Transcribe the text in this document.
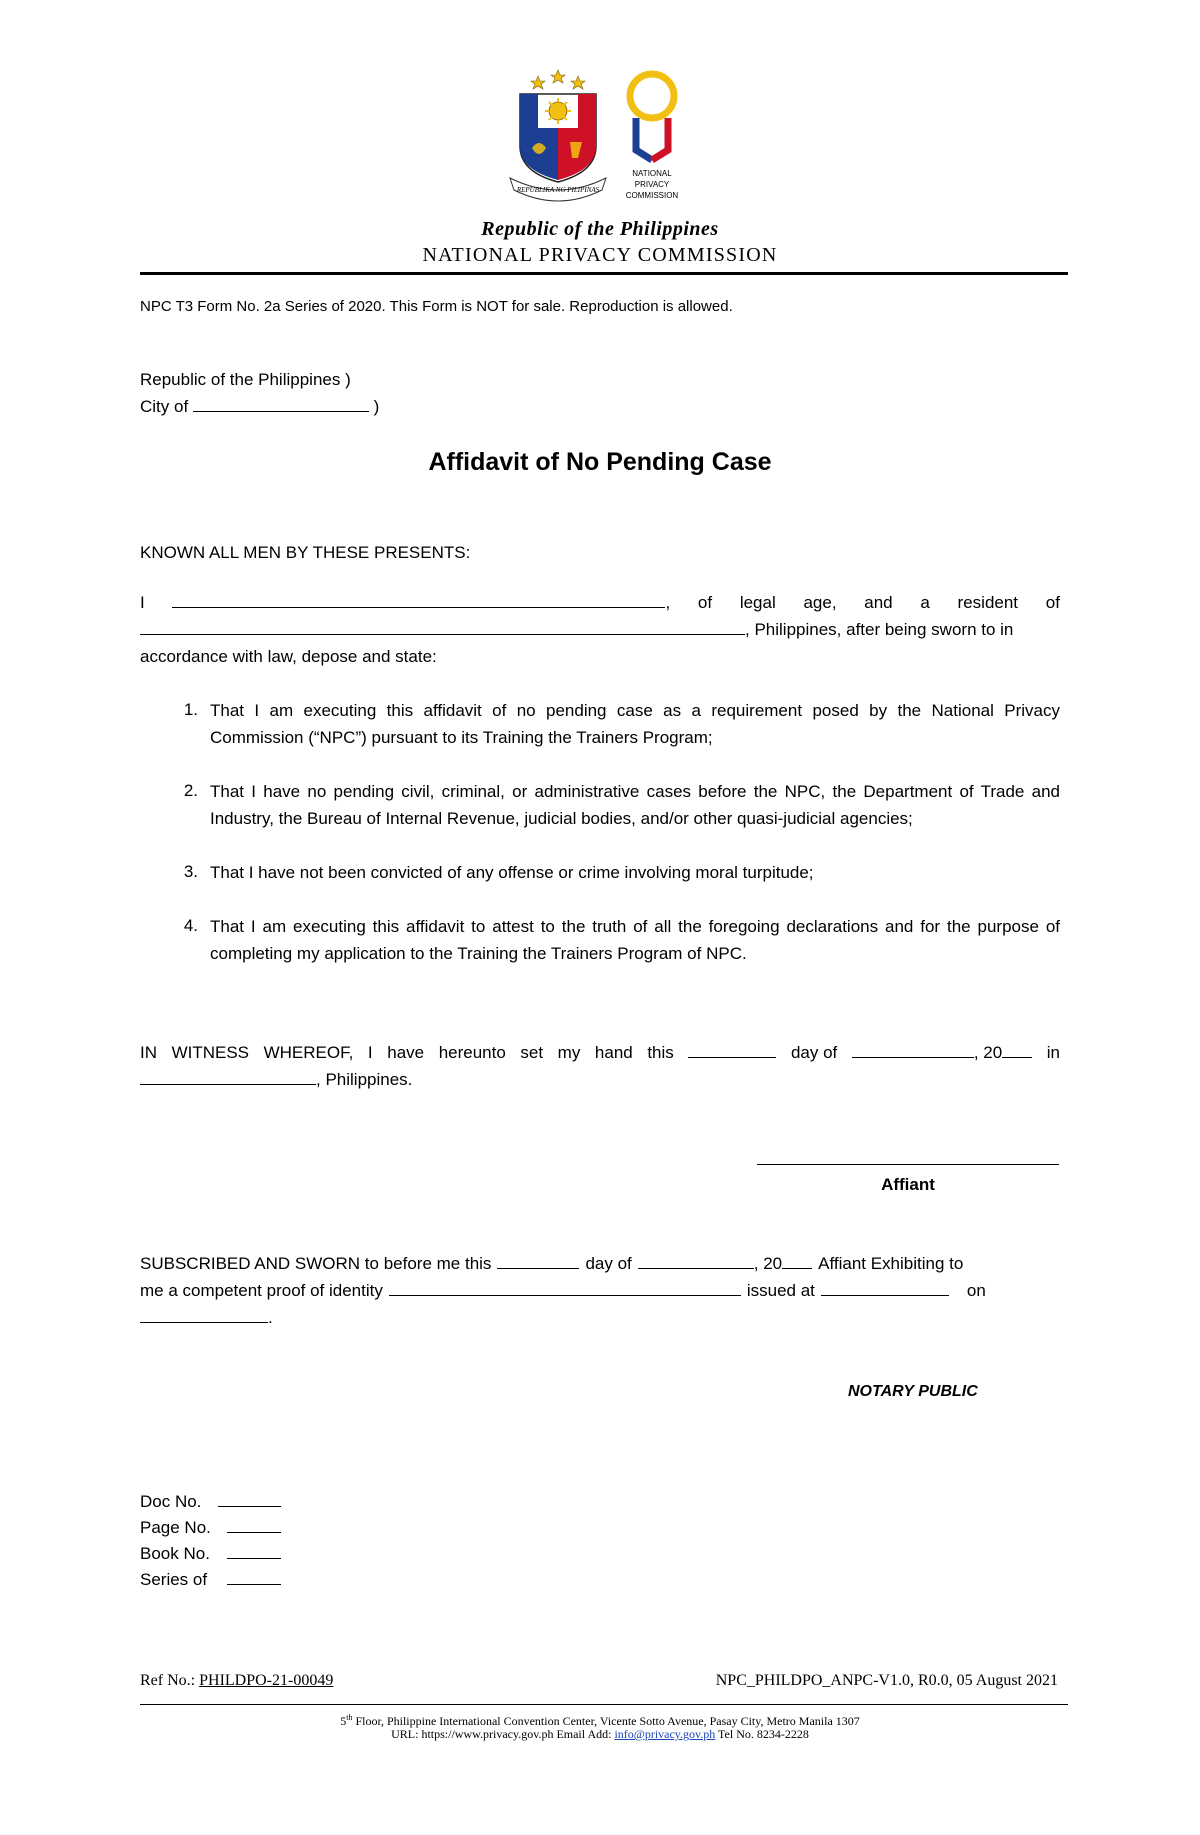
REPUBLIKA NG PILIPINAS
NATIONAL
PRIVACY
COMMISSION
Republic of the Philippines
NATIONAL PRIVACY COMMISSION
NPC T3 Form No. 2a Series of 2020. This Form is NOT for sale. Reproduction is allowed.
Republic of the Philippines )
City of	)
Affidavit of No Pending Case
KNOWN ALL MEN BY THESE PRESENTS:
I	, of legal age, and a resident of
, Philippines, after being sworn to in
accordance with law, depose and state:
1. That I am executing this affidavit of no pending case as a requirement posed by the National Privacy Commission (“NPC”) pursuant to its Training the Trainers Program;
2. That I have no pending civil, criminal, or administrative cases before the NPC, the Department of Trade and Industry, the Bureau of Internal Revenue, judicial bodies, and/or other quasi-judicial agencies;
3. That I have not been convicted of any offense or crime involving moral turpitude;
4. That I am executing this affidavit to attest to the truth of all the foregoing declarations and for the purpose of completing my application to the Training the Trainers Program of NPC.
IN WITNESS WHEREOF, I have hereunto set my hand this	day of	, 20	in
, Philippines.
Affiant
SUBSCRIBED AND SWORN to before me this	day of	, 20 Affiant Exhibiting to
me a competent proof of identity	issued at	on
.
NOTARY PUBLIC
Doc No.
Page No.
Book No.
Series of
Ref No.: PHILDPO-21-00049	NPC_PHILDPO_ANPC-V1.0, R0.0, 05 August 2021
5th Floor, Philippine International Convention Center, Vicente Sotto Avenue, Pasay City, Metro Manila 1307
URL: https://www.privacy.gov.ph Email Add: info@privacy.gov.ph Tel No. 8234-2228
